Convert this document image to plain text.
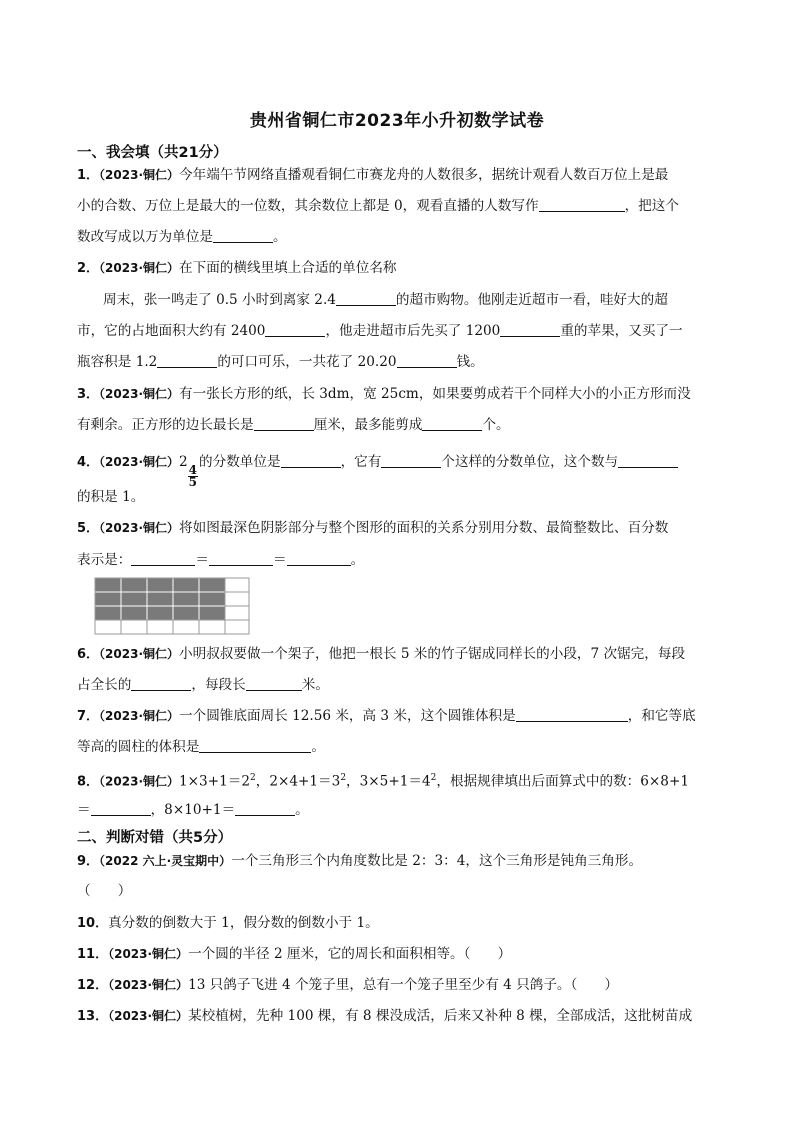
贵州省铜仁市2023年小升初数学试卷
一、我会填（共21分）
1．（2023·铜仁）今年端午节网络直播观看铜仁市赛龙舟的人数很多，据统计观看人数百万位上是最
小的合数、万位上是最大的一位数，其余数位上都是 0，观看直播的人数写作	，把这个
数改写成以万为单位是	。
2．（2023·铜仁）在下面的横线里填上合适的单位名称
周末，张一鸣走了 0.5 小时到离家 2.4	的超市购物。他刚走近超市一看，哇好大的超
市，它的占地面积大约有 2400	，他走进超市后先买了 1200	重的苹果，又买了一
瓶容积是 1.2	的可口可乐，一共花了 20.20	钱。
3．（2023·铜仁）有一张长方形的纸，长 3dm，宽 25cm，如果要剪成若干个同样大小的小正方形而没
有剩余。正方形的边长最长是	厘米，最多能剪成	个。
4．（2023·铜仁）2
$\frac{4}{5}$
的分数单位是	，它有	个这样的分数单位，这个数与
的积是 1。
5．（2023·铜仁）将如图最深色阴影部分与整个图形的面积的关系分别用分数、最简整数比、百分数
表示是：	＝	＝	。
6．（2023·铜仁）小明叔叔要做一个架子，他把一根长 5 米的竹子锯成同样长的小段，7 次锯完，每段
占全长的	，每段长	米。
7．（2023·铜仁）一个圆锥底面周长 12.56 米，高 3 米，这个圆锥体积是	，和它等底
等高的圆柱的体积是	。
8．（2023·铜仁）$1\times 3+1=2^2$，$2\times 4+1=3^2$，$3\times 5+1=4^2$，根据规律填出后面算式中的数：6×8+1
＝	，8×10+1＝	。
二、判断对错（共5分）
9．（2022 六上·灵宝期中）一个三角形三个内角度数比是 2：3：4，这个三角形是钝角三角形。
（　　）
10．真分数的倒数大于 1，假分数的倒数小于 1。
11．（2023·铜仁）一个圆的半径 2 厘米，它的周长和面积相等。（　　）
12．（2023·铜仁）13 只鸽子飞进 4 个笼子里，总有一个笼子里至少有 4 只鸽子。（　　）
13．（2023·铜仁）某校植树，先种 100 棵，有 8 棵没成活，后来又补种 8 棵，全部成活，这批树苗成
